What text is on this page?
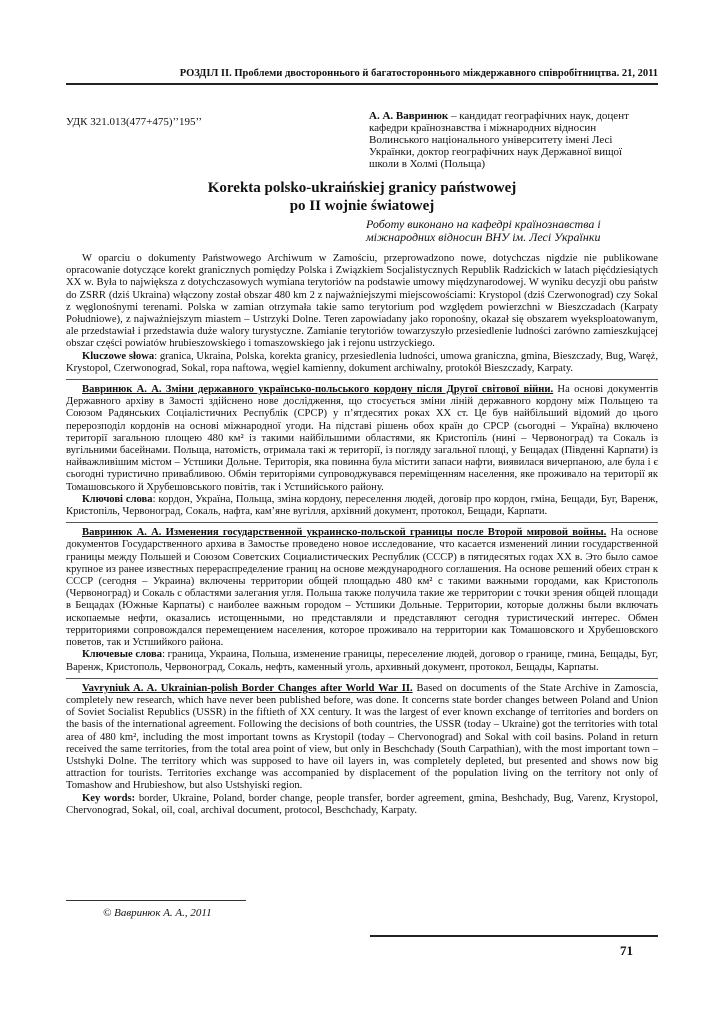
РОЗДІЛ ІІ. Проблеми двостороннього й багатостороннього міждержавного співробітництва. 21, 2011
УДК 321.013(477+475)’’195’’	А. А. Вавринюк – кандидат географічних наук, доцент кафедри країнознавства і міжнародних відносин Волинського національного університету імені Лесі Українки, доктор географічних наук Державної вищої школи в Холмі (Польща)
Korekta polsko-ukraińskiej granicy państwowej
po II wojnie światowej
Роботу виконано на кафедрі країнознавства і міжнародних відносин ВНУ ім. Лесі Українки

W oparciu o dokumenty Państwowego Archiwum w Zamościu, przeprowadzono nowe, dotychczas nigdzie nie publikowane opracowanie dotyczące korekt granicznych pomiędzy Polska i Związkiem Socjalistycznych Republik Radzickich w latach pięćdziesiątych XX w. Była to największa z dotychczasowych wymiana terytoriów na podstawie umowy międzynarodowej. W wyniku decyzji obu państw do ZSRR (dziś Ukraina) włączony został obszar 480 km 2 z najważniejszymi miejscowościami: Krystopol (dziś Czerwonograd) czy Sokal z węglonośnymi terenami. Polska w zamian otrzymała takie samo terytorium pod względem powierzchni w Bieszczadach (Karpaty Południowe), z najważniejszym miastem – Ustrzyki Dolne. Teren zapowiadany jako roponośny, okazał się obszarem wyeksploatowanym, ale przedstawiał i przedstawia duże walory turystyczne. Zamianie terytoriów towarzyszyło przesiedlenie ludności zarówno zamieszkującej obszar części powiatów hrubieszowskiego i tomaszowskiego jak i rejonu ustrzyckiego.

Kluczowe słowa: granica, Ukraina, Polska, korekta granicy, przesiedlenia ludności, umowa graniczna, gmina, Bieszczady, Bug, Waręż, Krystopol, Czerwonograd, Sokal, ropa naftowa, węgiel kamienny, dokument archiwalny, protokół Bieszczady, Karpaty.

Вавринюк А. А. Зміни державного українсько-польського кордону після Другої світової війни. На основі документів Державного архіву в Замості здійснено нове дослідження, що стосується зміни ліній державного кордону між Польщею та Союзом Радянських Соціалістичних Республік (СРСР) у п’ятдесятих роках ХХ ст. Це був найбільший відомий до цього перерозподіл кордонів на основі міжнародної угоди. На підставі рішень обох країн до СРСР (сьогодні – Україна) включено території загальною площею 480 км² із такими найбільшими областями, як Кристопіль (нині – Червоноград) та Сокаль із вугільними басейнами. Польща, натомість, отримала такі ж території, із погляду загальної площі, у Бещадах (Південні Карпати) із найважливішим містом – Устшики Дольне. Територія, яка повинна була містити запаси нафти, виявилася вичерпаною, але була і є сьогодні туристично привабливою. Обмін територіями супроводжувався переміщенням населення, яке проживало на території як Томашовського й Хрубешовського повітів, так і Устшийського району.

Ключові слова: кордон, Україна, Польща, зміна кордону, переселення людей, договір про кордон, гміна, Бещади, Буг, Варенж, Кристопіль, Червоноград, Сокаль, нафта, кам’яне вугілля, архівний документ, протокол, Бещади, Карпати.

Вавринюк А. А. Изменения государственной украинско-польской границы после Второй мировой войны. На основе документов Государственного архива в Замостье проведено новое исследование, что касается изменений линии государственной границы между Польшей и Союзом Советских Социалистических Республик (СССР) в пятидесятых годах ХХ в. Это было самое крупное из ранее известных перераспределение границ на основе международного соглашения. На основе решений обеих стран к СССР (сегодня – Украина) включены территории общей площадью 480 км² с такими важными городами, как Кристополь (Червоноград) и Сокаль с областями залегания угля. Польша также получила такие же территории с точки зрения общей площади в Бещадах (Южные Карпаты) с наиболее важным городом – Устшики Дольные. Территории, которые должны были включать ископаемые нефти, оказались истощенными, но представляли и представляют сегодня туристический интерес. Обмен территориями сопровождался перемещением населения, которое проживало на территории как Томашовского и Хрубешовского поветов, так и Устшийкого района.

Ключевые слова: граница, Украина, Польша, изменение границы, переселение людей, договор о границе, гмина, Бещады, Буг, Варенж, Кристополь, Червоноград, Сокаль, нефть, каменный уголь, архивный документ, протокол, Бещады, Карпаты.

Vavryniuk A. A. Ukrainian-polish Border Changes after World War II. Based on documents of the State Archive in Zamoscia, completely new research, which have never been published before, was done. It concerns state border changes between Poland and Union of Soviet Socialist Republics (USSR) in the fiftieth of XX century. It was the largest of ever known exchange of territories and borders on the basis of the international agreement. Following the decisions of both countries, the USSR (today – Ukraine) got the territories with total area of 480 km², including the most important towns as Krystopil (today – Chervonograd) and Sokal with coil basins. Poland in return received the same territories, from the total area point of view, but only in Beschchady (South Carpathian), with the most important town – Ustshyki Dolne. The territory which was supposed to have oil layers in, was completely depleted, but presented and shows now big attraction for tourists. Territories exchange was accompanied by displacement of the population living on the territory not only of Tomashow and Hrubieshow, but also Ustshyiski region.

Key words: border, Ukraine, Poland, border change, people transfer, border agreement, gmina, Beshchady, Bug, Varenz, Krystopol, Chervonograd, Sokal, oil, coal, archival document, protocol, Beschchady, Karpaty.

© Вавринюк А. А., 2011
71
